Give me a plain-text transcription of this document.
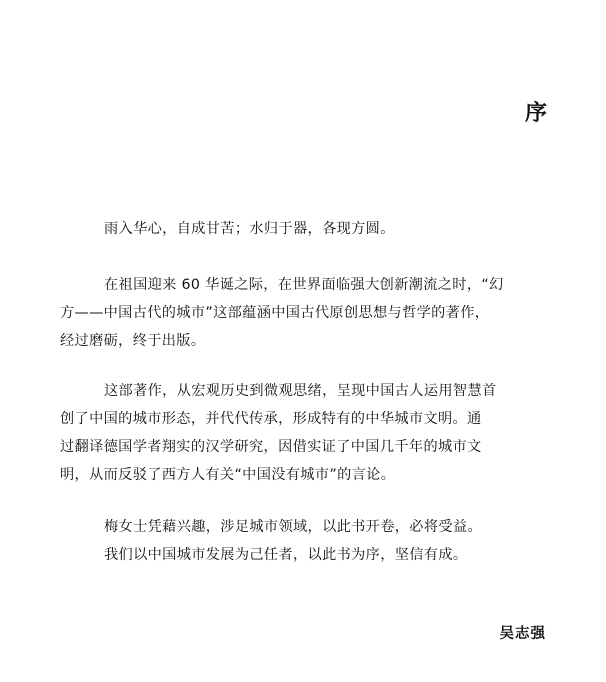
序

雨入华心，自成甘苦；水归于器，各现方圆。

在祖国迎来 60 华诞之际，在世界面临强大创新潮流之时，“幻
方——中国古代的城市”这部蕴涵中国古代原创思想与哲学的著作，
经过磨砺，终于出版。

这部著作，从宏观历史到微观思绪，呈现中国古人运用智慧首
创了中国的城市形态，并代代传承，形成特有的中华城市文明。通
过翻译德国学者翔实的汉学研究，因借实证了中国几千年的城市文
明，从而反驳了西方人有关“中国没有城市”的言论。

梅女士凭藉兴趣，涉足城市领域，以此书开卷，必将受益。
我们以中国城市发展为己任者，以此书为序，坚信有成。

吴志强
